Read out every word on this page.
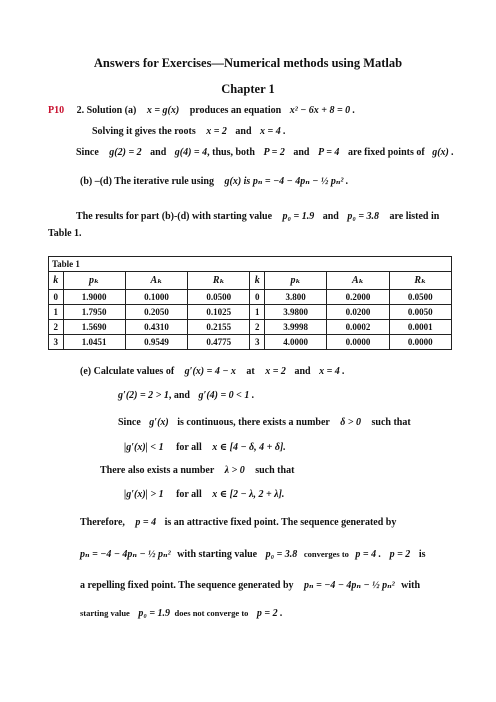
Answers for Exercises—Numerical methods using Matlab
Chapter 1
P10 2. Solution (a) x = g(x) produces an equation x² − 6x + 8 = 0 .
Solving it gives the roots x = 2 and x = 4 .
Since g(2) = 2 and g(4) = 4, thus, both P = 2 and P = 4 are fixed points of g(x) .
(b) –(d) The iterative rule using g(x) is pₙ = −4 − 4pₙ − ½ pₙ² .
The results for part (b)-(d) with starting value p₀ = 1.9 and p₀ = 3.8 are listed in
Table 1.
Table 1							
k	pₖ	Aₖ	Rₖ	k	pₖ	Aₖ	Rₖ
0	1.9000	0.1000	0.0500	0	3.800	0.2000	0.0500
1	1.7950	0.2050	0.1025	1	3.9800	0.0200	0.0050
2	1.5690	0.4310	0.2155	2	3.9998	0.0002	0.0001
3	1.0451	0.9549	0.4775	3	4.0000	0.0000	0.0000
(e) Calculate values of g′(x) = 4 − x at x = 2 and x = 4 .
g′(2) = 2 > 1, and g′(4) = 0 < 1 .
Since g′(x) is continuous, there exists a number δ > 0 such that
|g′(x)| < 1 for all x ∈ [4 − δ, 4 + δ].
There also exists a number λ > 0 such that
|g′(x)| > 1 for all x ∈ [2 − λ, 2 + λ].
Therefore, p = 4 is an attractive fixed point. The sequence generated by
pₙ = −4 − 4pₙ − ½ pₙ² with starting value p₀ = 3.8 converges to p = 4 . p = 2 is
a repelling fixed point. The sequence generated by pₙ = −4 − 4pₙ − ½ pₙ² with
starting value p₀ = 1.9 does not converge to p = 2 .
